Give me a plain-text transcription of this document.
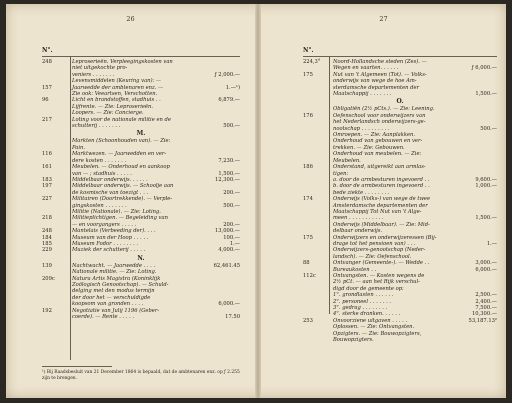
26
N°.
248	Leproserieën. Verpleegingskosten van
niet uitgekochte pro-
veniers . . . . . . .	ƒ 2,000.—
Levensmiddelen (Keuring van): —
157	Jaarwedde der ambtenaren enz. —	1.—¹)
Zie ook: Veeartsen, Verschotten.
96	Licht en brandstoffen, stadhuis . .	6,879.—
Lijfrente. — Zie: Leproserieën.
Loopers. — Zie: Concierge.
217	Loting voor de nationale militie en de
schutterij . . . . . . .	500.—
M.
Markten (Schoonhouden van). — Zie:
Pain.
116	Marktwezen. — Jaarwedden en ver-
dere kosten . . . . . . .	7,230.—
161	Meubelen. — Onderhoud en aankoop
van — ; stadhuis . . . . .	1,500.—
183	Middelbaar onderwijs. . . . . .	12,300.—
197	Middelbaar onderwijs. — Schoolje aan
de kosmische van toezigt . . .	200.—
227	Militairen (Doortrekkende). — Verple-
gingskosten . . . . . . .	500.—
Militie (Nationale). — Zie: Loting.
218	Militieplichtigen. — Begeleiding van
— en voorgangers . . . . .	200.—
248	Mantelais (Verbeeding der). . . .	13,000.—
184	Museum van der Hoop . . . . .	100.—
185	Museum Fodor . . . . . . . .	1.—
229	Muziek der schutterij . . . . .	4,000.—
N.
139	Nachtwacht. — Jaarwedde . . . .	62,461.45
Nationale militie. — Zie: Loting.
209c	Natura Artis Magistra (Koninklijk
Zoölogisch Genootschap). — Schuld-
delging met den modus termijn
der door het — verschuldigde
koopsom van gronden . . . .	6,000.—
192	Negotiatie van Julij 1196 (Geber-
coerde). — Rente . . . . .	17.50
¹) Bij Raadsbesluit van 21 December 1864 is bepaald, dat de ambtenaren enz. op ƒ 2.255 zijn te brengen.
27
N°.
224,3°	Noord-Hollandsche steden (Zes). —
Wegen en vaarten. . . . . .	ƒ 6,000.—
175	Nut van 't Algemeen (Tot). — Volks-
onderwijs van wege de hoe Am-
sterdamsche departementen der
Maatschappij . . . . . . .	1,500.—
O.
Obligatiën (2½ pCts.). — Zie: Leening.
176	Oefenschool voor onderwijzers van
het Nederlandsch onderwijzers-ge-
nootschap . . . . . . . . .	500.—
Omroepen. — Zie: Aanplakken.
Onderhoud van gebouwen en ver-
trekken. — Zie: Gebouwen.
Onderhoud van meubelen. — Zie:
Meubelen.
186	Onderstand, uitgereikt aan armlas-
tigen:
a. door de armbesturen ingevoerd . .	9,600.—
b. door de armbesturen ingevoerd . .	1,000.—
bede ziekte . . . . . . . .
174	Onderwijs (Volks-) van wege de twee
Amsterdamsche departementen der
Maatschappij Tot Nut van 't Alge-
meen . . . . . . . . . . .	1,500.—
Onderwijs (Middelbaar). — Zie: Mid-
delbaar onderwijs.
175	Onderwijzers en onderwijzeressen (Bij-
drage tot het pensioen van) . . .	1.—
Onderwijzers-genootschap (Neder-
landsch). — Zie: Oefenschool.
88	Ontvanger (Gemeente-). — Wedde . .	3,000.—
Bureaukosten . .	6,000.—
112c	Ontvangsten. — Kosten wegens de
2½ pCt. — aan het Rijk verschul-
digd door de gemeente op:
1°. grondlasten . . . . . .	2,500.—
2°. personeel . . . . . . .	2,400.—
3°. gedrag . . . . . . . .	7,500.—
4°. sterke dranken. . . . . .	10,300.—
253	Onvoorziene uitgaven . . . . .	53,187.13²
Oplossen. — Zie: Ontvangsten.
Opzigters. — Zie: Bouwopzigters,
Bouwopzigters.
